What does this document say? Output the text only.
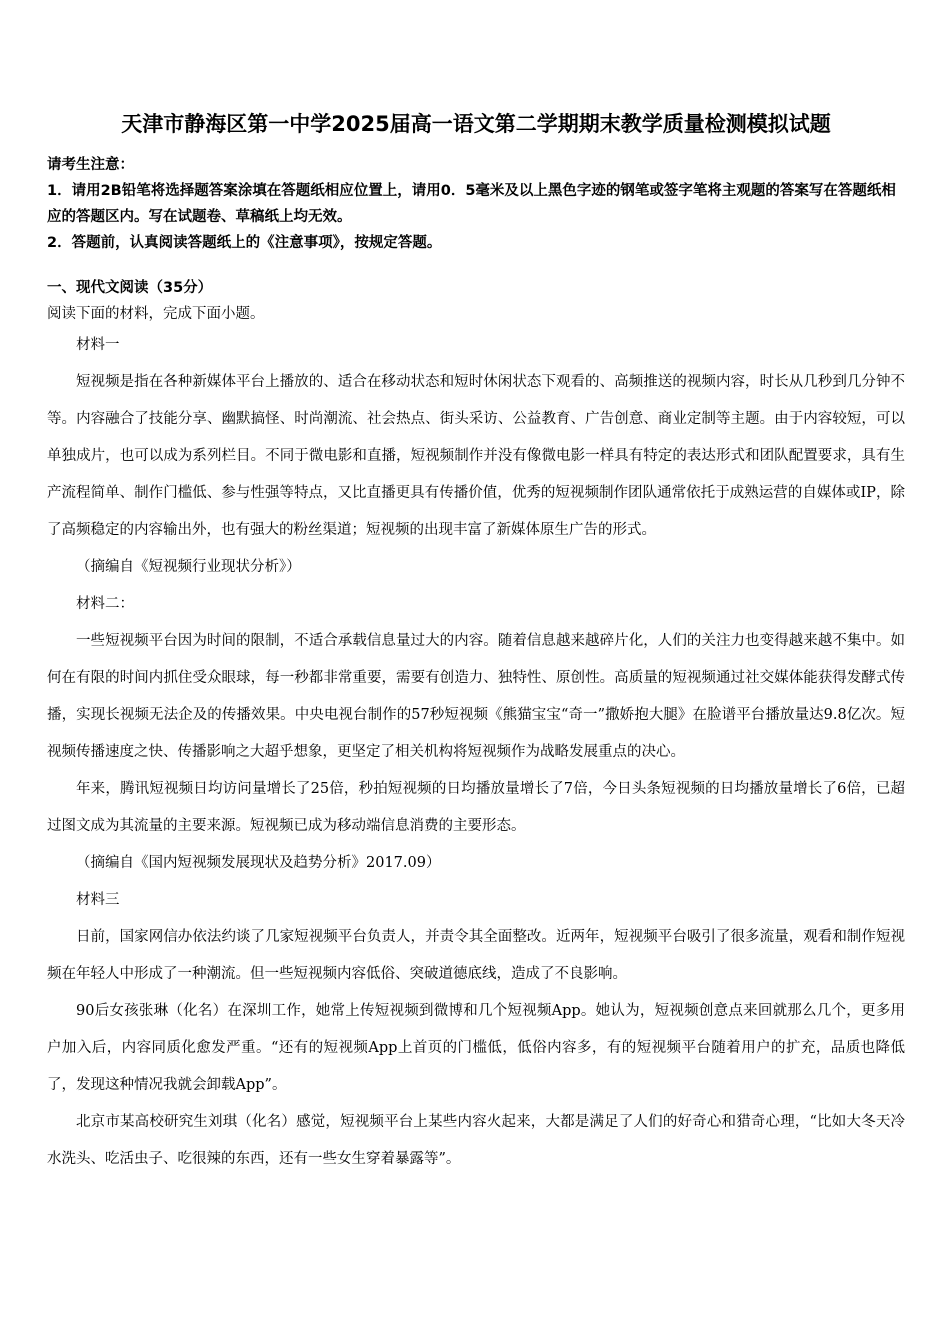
天津市静海区第一中学2025届高一语文第二学期期末教学质量检测模拟试题

请考生注意：

1．请用2B铅笔将选择题答案涂填在答题纸相应位置上，请用0．5毫米及以上黑色字迹的钢笔或签字笔将主观题的答案写在答题纸相应的答题区内。写在试题卷、草稿纸上均无效。

2．答题前，认真阅读答题纸上的《注意事项》，按规定答题。

一、现代文阅读（35分）

阅读下面的材料，完成下面小题。

材料一

短视频是指在各种新媒体平台上播放的、适合在移动状态和短时休闲状态下观看的、高频推送的视频内容，时长从几秒到几分钟不等。内容融合了技能分享、幽默搞怪、时尚潮流、社会热点、街头采访、公益教育、广告创意、商业定制等主题。由于内容较短，可以单独成片，也可以成为系列栏目。不同于微电影和直播，短视频制作并没有像微电影一样具有特定的表达形式和团队配置要求，具有生产流程简单、制作门槛低、参与性强等特点，又比直播更具有传播价值，优秀的短视频制作团队通常依托于成熟运营的自媒体或IP，除了高频稳定的内容输出外，也有强大的粉丝渠道；短视频的出现丰富了新媒体原生广告的形式。

（摘编自《短视频行业现状分析》）

材料二：

一些短视频平台因为时间的限制，不适合承载信息量过大的内容。随着信息越来越碎片化，人们的关注力也变得越来越不集中。如何在有限的时间内抓住受众眼球，每一秒都非常重要，需要有创造力、独特性、原创性。高质量的短视频通过社交媒体能获得发酵式传播，实现长视频无法企及的传播效果。中央电视台制作的57秒短视频《熊猫宝宝“奇一”撒娇抱大腿》在脸谱平台播放量达9.8亿次。短视频传播速度之快、传播影响之大超乎想象，更坚定了相关机构将短视频作为战略发展重点的决心。

年来，腾讯短视频日均访问量增长了25倍，秒拍短视频的日均播放量增长了7倍，今日头条短视频的日均播放量增长了6倍，已超过图文成为其流量的主要来源。短视频已成为移动端信息消费的主要形态。

（摘编自《国内短视频发展现状及趋势分析》2017.09）

材料三

日前，国家网信办依法约谈了几家短视频平台负责人，并责令其全面整改。近两年，短视频平台吸引了很多流量，观看和制作短视频在年轻人中形成了一种潮流。但一些短视频内容低俗、突破道德底线，造成了不良影响。

90后女孩张琳（化名）在深圳工作，她常上传短视频到微博和几个短视频App。她认为，短视频创意点来回就那么几个，更多用户加入后，内容同质化愈发严重。“还有的短视频App上首页的门槛低，低俗内容多，有的短视频平台随着用户的扩充，品质也降低了，发现这种情况我就会卸载App”。

北京市某高校研究生刘琪（化名）感觉，短视频平台上某些内容火起来，大都是满足了人们的好奇心和猎奇心理，“比如大冬天冷水洗头、吃活虫子、吃很辣的东西，还有一些女生穿着暴露等”。
